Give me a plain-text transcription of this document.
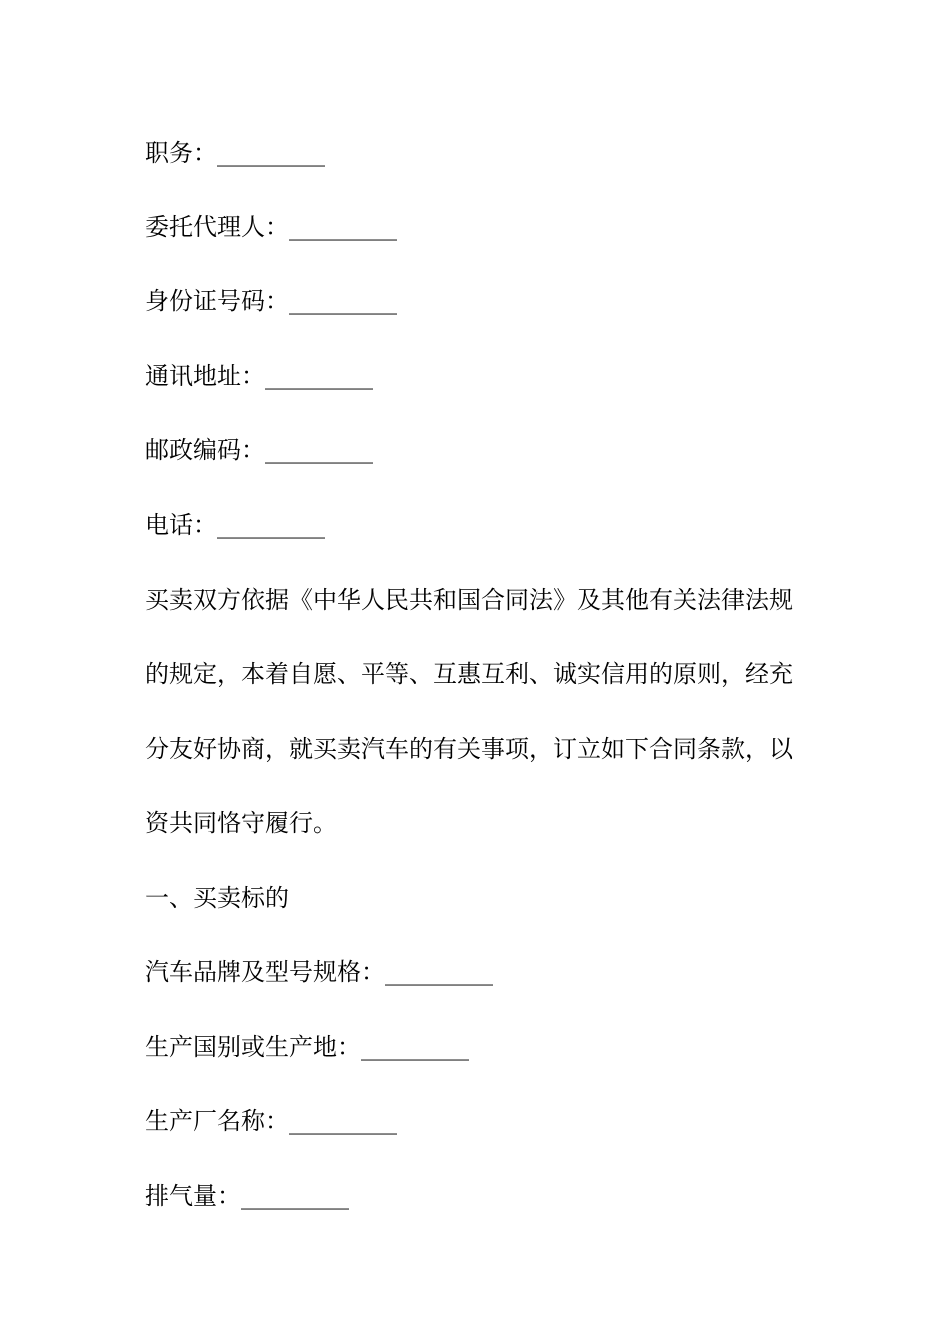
职务：_________
委托代理人：_________
身份证号码：_________
通讯地址：_________
邮政编码：_________
电话：_________
买卖双方依据《中华人民共和国合同法》及其他有关法律法规
的规定，本着自愿、平等、互惠互利、诚实信用的原则，经充
分友好协商，就买卖汽车的有关事项，订立如下合同条款，以
资共同恪守履行。
一、买卖标的
汽车品牌及型号规格：_________
生产国别或生产地：_________
生产厂名称：_________
排气量：_________
